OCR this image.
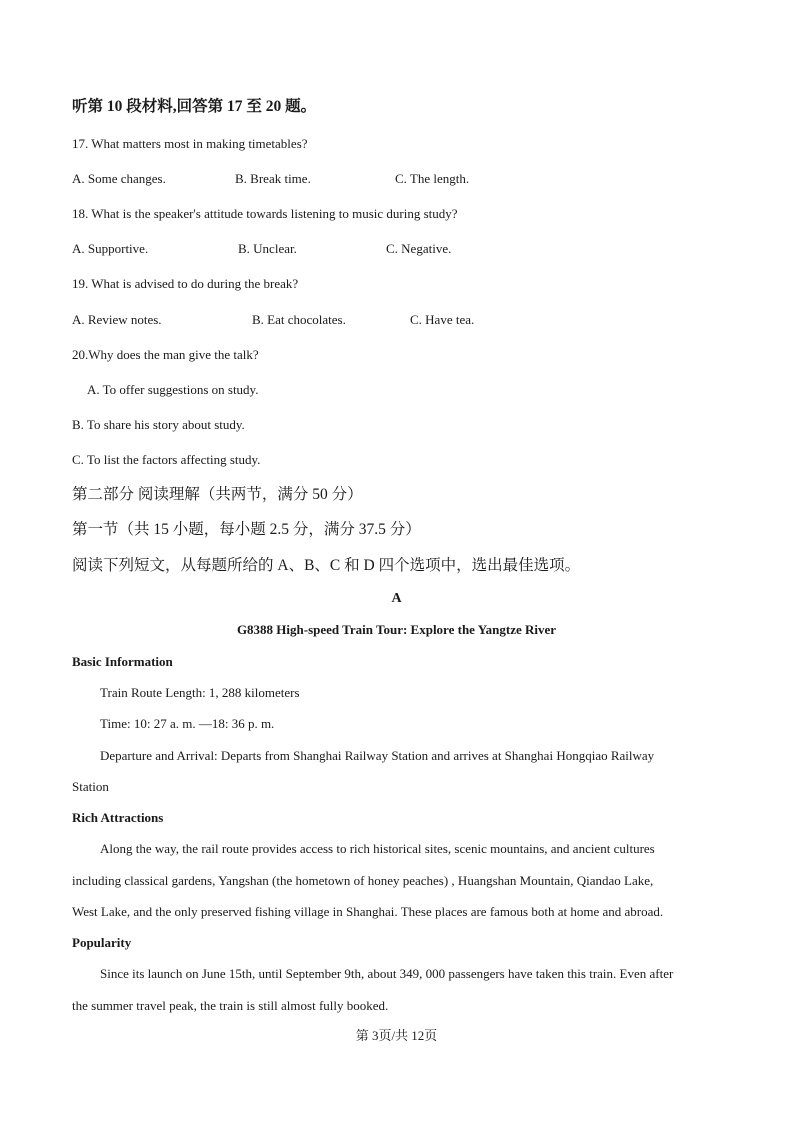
听第 10 段材料,回答第 17 至 20 题。
17. What matters most in making timetables?
A. Some changes.	B. Break time.	C. The length.
18. What is the speaker's attitude towards listening to music during study?
A. Supportive.	B. Unclear.	C. Negative.
19. What is advised to do during the break?
A. Review notes.	B. Eat chocolates.	C. Have tea.
20.Why does the man give the talk?
A. To offer suggestions on study.
B. To share his story about study.
C. To list the factors affecting study.
第二部分 阅读理解（共两节，满分 50 分）
第一节（共 15 小题，每小题 2.5 分，满分 37.5 分）
阅读下列短文，从每题所给的 A、B、C 和 D 四个选项中，选出最佳选项。
A
G8388 High-speed Train Tour: Explore the Yangtze River
Basic Information
Train Route Length: 1, 288 kilometers
Time: 10: 27 a. m. —18: 36 p. m.
Departure and Arrival: Departs from Shanghai Railway Station and arrives at Shanghai Hongqiao Railway
Station
Rich Attractions
Along the way, the rail route provides access to rich historical sites, scenic mountains, and ancient cultures
including classical gardens, Yangshan (the hometown of honey peaches) , Huangshan Mountain, Qiandao Lake,
West Lake, and the only preserved fishing village in Shanghai. These places are famous both at home and abroad.
Popularity
Since its launch on June 15th, until September 9th, about 349, 000 passengers have taken this train. Even after
the summer travel peak, the train is still almost fully booked.
第 3页/共 12页
